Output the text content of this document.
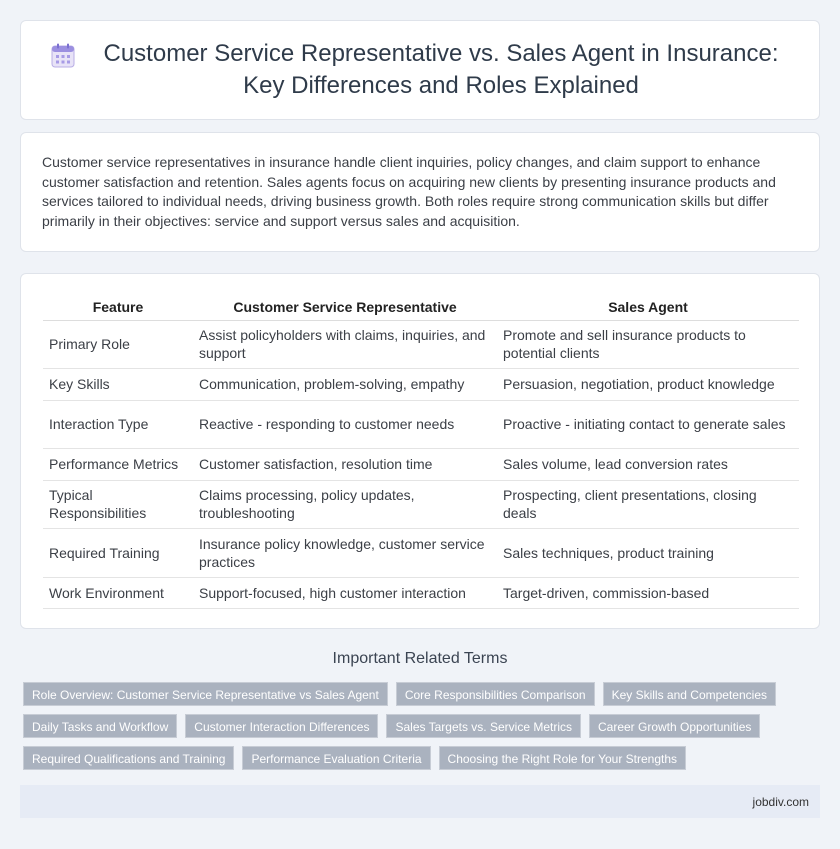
Customer Service Representative vs. Sales Agent in Insurance: Key Differences and Roles Explained

Customer service representatives in insurance handle client inquiries, policy changes, and claim support to enhance customer satisfaction and retention. Sales agents focus on acquiring new clients by presenting insurance products and services tailored to individual needs, driving business growth. Both roles require strong communication skills but differ primarily in their objectives: service and support versus sales and acquisition.

Feature	Customer Service Representative	Sales Agent
Primary Role	Assist policyholders with claims, inquiries, and support	Promote and sell insurance products to potential clients
Key Skills	Communication, problem-solving, empathy	Persuasion, negotiation, product knowledge
Interaction Type	Reactive - responding to customer needs	Proactive - initiating contact to generate sales
Performance Metrics	Customer satisfaction, resolution time	Sales volume, lead conversion rates
Typical Responsibilities	Claims processing, policy updates, troubleshooting	Prospecting, client presentations, closing deals
Required Training	Insurance policy knowledge, customer service practices	Sales techniques, product training
Work Environment	Support-focused, high customer interaction	Target-driven, commission-based
Important Related Terms
Role Overview: Customer Service Representative vs Sales Agent	Core Responsibilities Comparison	Key Skills and Competencies
Daily Tasks and Workflow	Customer Interaction Differences	Sales Targets vs. Service Metrics	Career Growth Opportunities
Required Qualifications and Training	Performance Evaluation Criteria	Choosing the Right Role for Your Strengths
jobdiv.com
